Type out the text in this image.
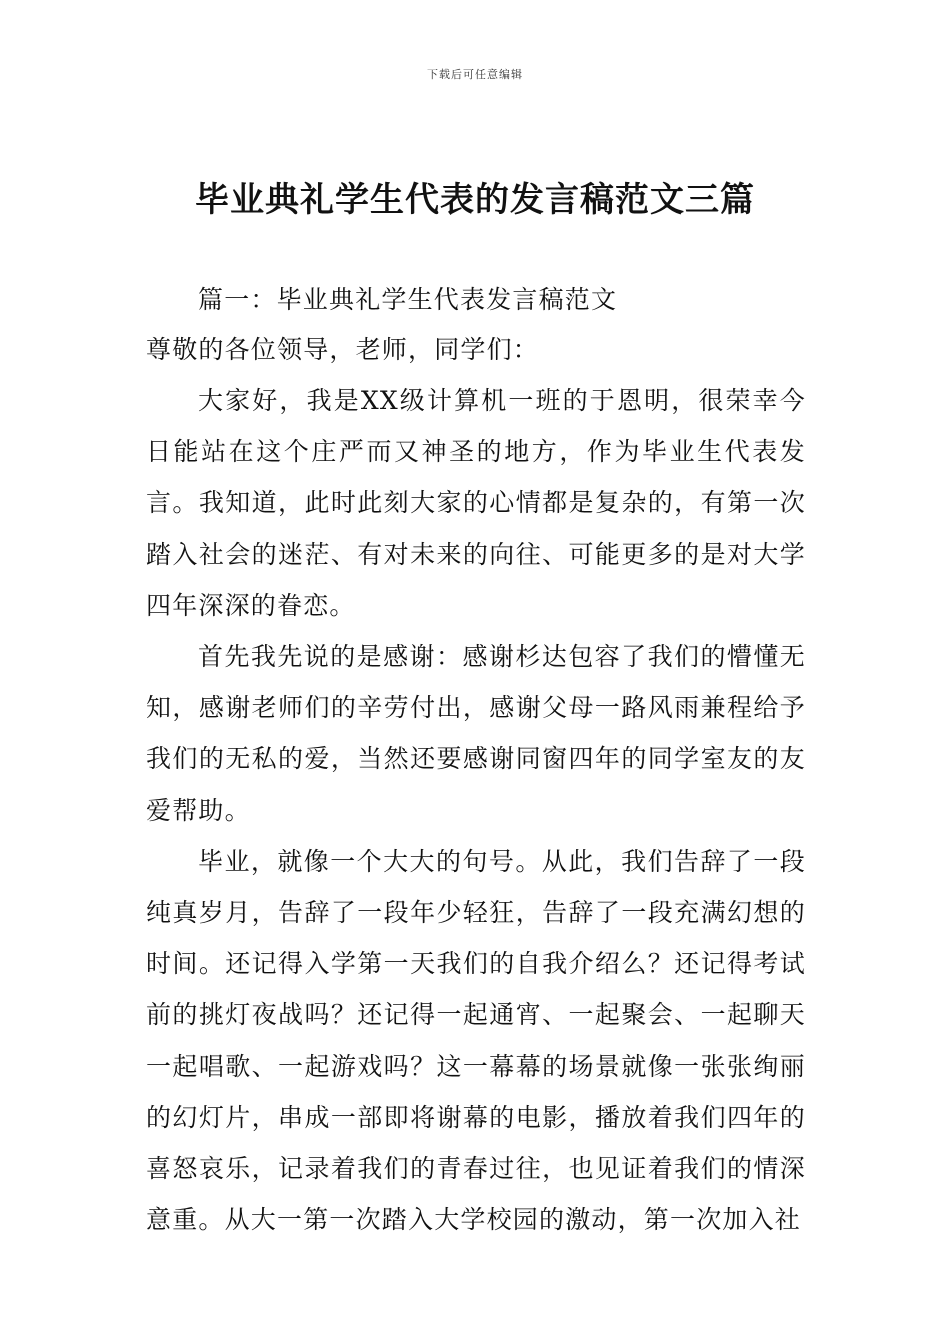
下载后可任意编辑
毕业典礼学生代表的发言稿范文三篇

篇一：毕业典礼学生代表发言稿范文

尊敬的各位领导，老师，同学们：

大家好，我是XX级计算机一班的于恩明，很荣幸今日能站在这个庄严而又神圣的地方，作为毕业生代表发言。我知道，此时此刻大家的心情都是复杂的，有第一次踏入社会的迷茫、有对未来的向往、可能更多的是对大学四年深深的眷恋。

首先我先说的是感谢：感谢杉达包容了我们的懵懂无知，感谢老师们的辛劳付出，感谢父母一路风雨兼程给予我们的无私的爱，当然还要感谢同窗四年的同学室友的友爱帮助。

毕业，就像一个大大的句号。从此，我们告辞了一段纯真岁月，告辞了一段年少轻狂，告辞了一段充满幻想的时间。还记得入学第一天我们的自我介绍么？还记得考试前的挑灯夜战吗？还记得一起通宵、一起聚会、一起聊天一起唱歌、一起游戏吗？这一幕幕的场景就像一张张绚丽的幻灯片，串成一部即将谢幕的电影，播放着我们四年的喜怒哀乐，记录着我们的青春过往，也见证着我们的情深意重。从大一第一次踏入大学校园的激动，第一次加入社
